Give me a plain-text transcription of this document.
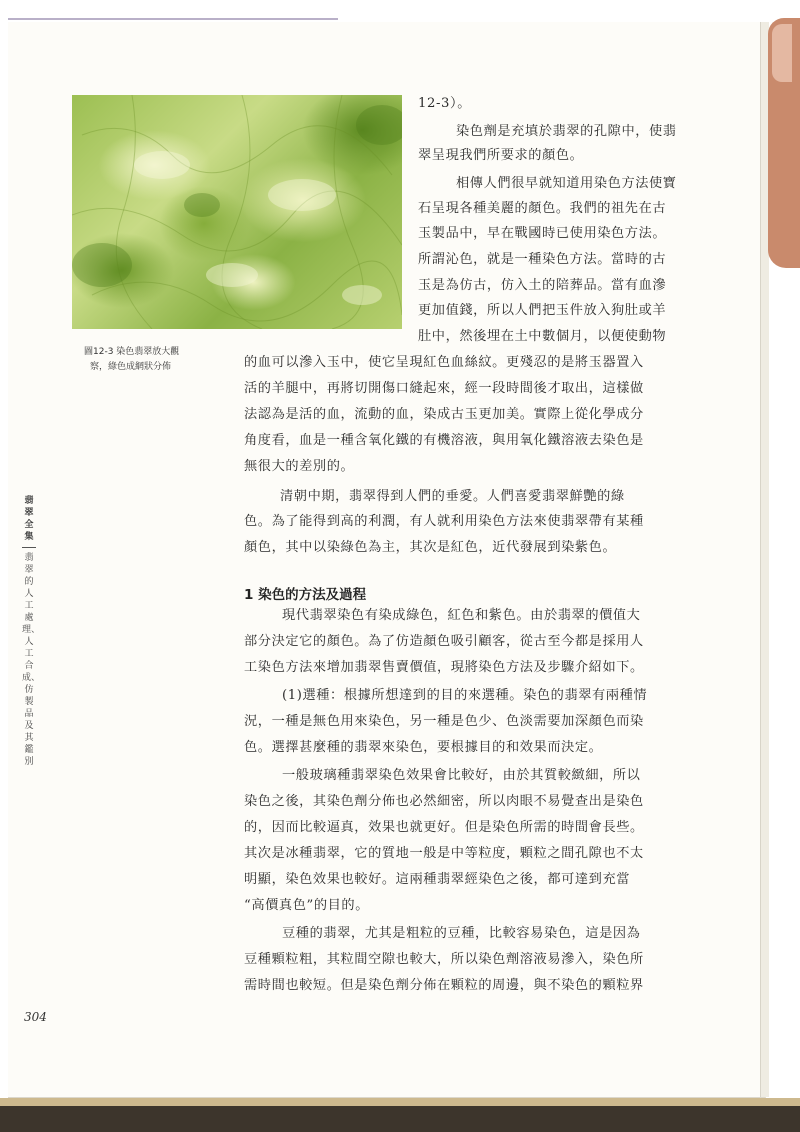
圖12-3 染色翡翠放大觀
察，綠色成網狀分佈
12-3）。
染色劑是充填於翡翠的孔隙中，使翡
翠呈現我們所要求的顏色。
相傳人們很早就知道用染色方法使寶
石呈現各種美麗的顏色。我們的祖先在古
玉製品中，早在戰國時已使用染色方法。
所謂沁色，就是一種染色方法。當時的古
玉是為仿古，仿入土的陪葬品。當有血滲
更加值錢，所以人們把玉件放入狗肚或羊
肚中，然後埋在土中數個月，以便使動物
的血可以滲入玉中，使它呈現紅色血絲紋。更殘忍的是將玉器置入
活的羊腿中，再將切開傷口縫起來，經一段時間後才取出，這樣做
法認為是活的血，流動的血，染成古玉更加美。實際上從化學成分
角度看，血是一種含氧化鐵的有機溶液，與用氧化鐵溶液去染色是
無很大的差別的。
清朝中期，翡翠得到人們的垂愛。人們喜愛翡翠鮮艷的綠
色。為了能得到高的利潤，有人就利用染色方法來使翡翠帶有某種
顏色，其中以染綠色為主，其次是紅色，近代發展到染紫色。
1 染色的方法及過程
現代翡翠染色有染成綠色，紅色和紫色。由於翡翠的價值大
部分決定它的顏色。為了仿造顏色吸引顧客，從古至今都是採用人
工染色方法來增加翡翠售賣價值，現將染色方法及步驟介紹如下。
(1)選種：根據所想達到的目的來選種。染色的翡翠有兩種情
況，一種是無色用來染色，另一種是色少、色淡需要加深顏色而染
色。選擇甚麼種的翡翠來染色，要根據目的和效果而決定。
一般玻璃種翡翠染色效果會比較好，由於其質較緻細，所以
染色之後，其染色劑分佈也必然細密，所以肉眼不易覺查出是染色
的，因而比較逼真，效果也就更好。但是染色所需的時間會長些。
其次是冰種翡翠，它的質地一般是中等粒度，顆粒之間孔隙也不太
明顯，染色效果也較好。這兩種翡翠經染色之後，都可達到充當
“高價真色”的目的。
豆種的翡翠，尤其是粗粒的豆種，比較容易染色，這是因為
豆種顆粒粗，其粒間空隙也較大，所以染色劑溶液易滲入，染色所
需時間也較短。但是染色劑分佈在顆粒的周邊，與不染色的顆粒界
翡翠全集
翡翠的人工處理、人工合成、仿製品及其鑑別
304
